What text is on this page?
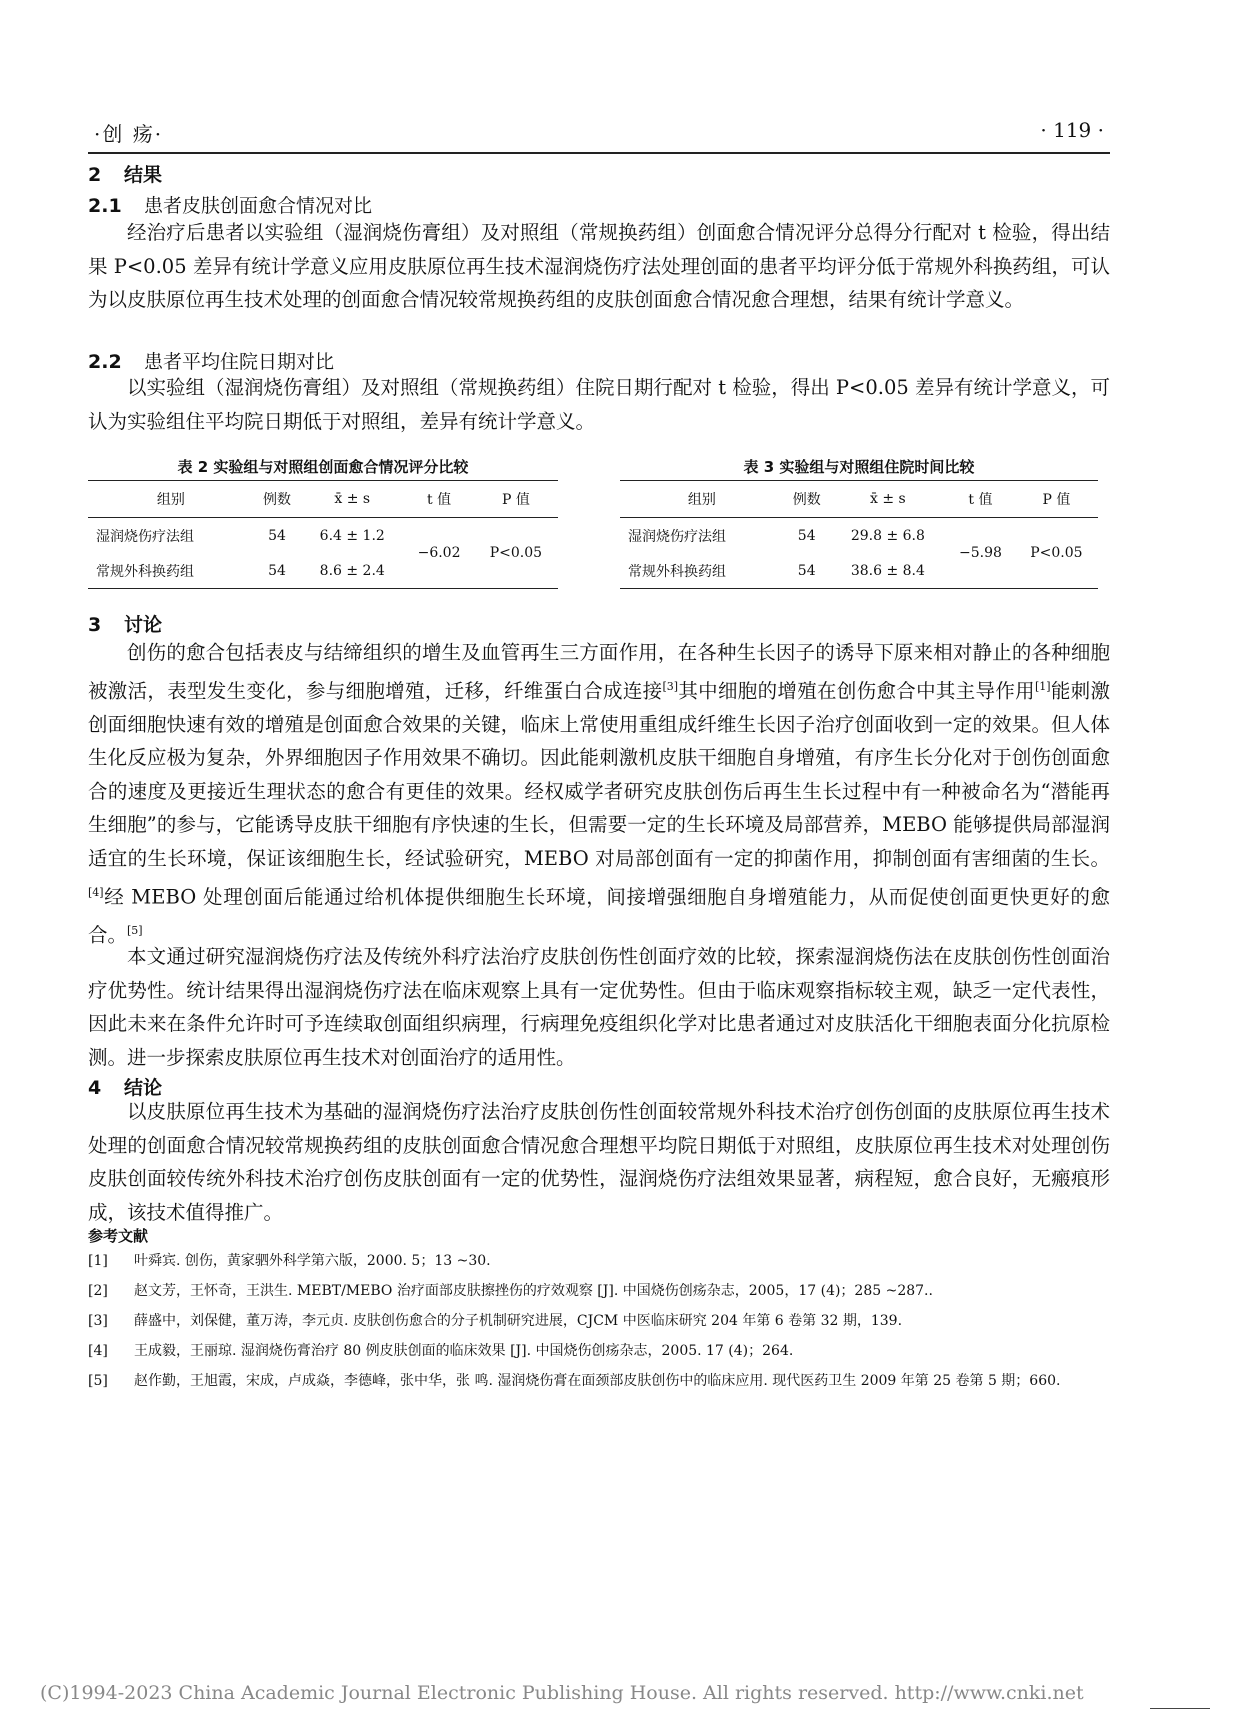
·创 疡·	· 119 ·
2 结果
2.1 患者皮肤创面愈合情况对比

经治疗后患者以实验组（湿润烧伤膏组）及对照组（常规换药组）创面愈合情况评分总得分行配对 t 检验，得出结果 P<0.05 差异有统计学意义应用皮肤原位再生技术湿润烧伤疗法处理创面的患者平均评分低于常规外科换药组，可认为以皮肤原位再生技术处理的创面愈合情况较常规换药组的皮肤创面愈合情况愈合理想，结果有统计学意义。

2.2 患者平均住院日期对比

以实验组（湿润烧伤膏组）及对照组（常规换药组）住院日期行配对 t 检验，得出 P<0.05 差异有统计学意义，可认为实验组住平均院日期低于对照组，差异有统计学意义。

表 2 实验组与对照组创面愈合情况评分比较
组别	例数	x̄ ± s	t 值	P 值
湿润烧伤疗法组	54	6.4 ± 1.2	−6.02	P<0.05
常规外科换药组	54	8.6 ± 2.4		
表 3 实验组与对照组住院时间比较
组别	例数	x̄ ± s	t 值	P 值
湿润烧伤疗法组	54	29.8 ± 6.8	−5.98	P<0.05
常规外科换药组	54	38.6 ± 8.4		
3 讨论

创伤的愈合包括表皮与结缔组织的增生及血管再生三方面作用，在各种生长因子的诱导下原来相对静止的各种细胞被激活，表型发生变化，参与细胞增殖，迁移，纤维蛋白合成连接[3]其中细胞的增殖在创伤愈合中其主导作用[1]能刺激创面细胞快速有效的增殖是创面愈合效果的关键，临床上常使用重组成纤维生长因子治疗创面收到一定的效果。但人体生化反应极为复杂，外界细胞因子作用效果不确切。因此能刺激机皮肤干细胞自身增殖，有序生长分化对于创伤创面愈合的速度及更接近生理状态的愈合有更佳的效果。经权威学者研究皮肤创伤后再生生长过程中有一种被命名为“潜能再生细胞”的参与，它能诱导皮肤干细胞有序快速的生长，但需要一定的生长环境及局部营养，MEBO 能够提供局部湿润适宜的生长环境，保证该细胞生长，经试验研究，MEBO 对局部创面有一定的抑菌作用，抑制创面有害细菌的生长。[4]经 MEBO 处理创面后能通过给机体提供细胞生长环境，间接增强细胞自身增殖能力，从而促使创面更快更好的愈合。[5]

本文通过研究湿润烧伤疗法及传统外科疗法治疗皮肤创伤性创面疗效的比较，探索湿润烧伤法在皮肤创伤性创面治疗优势性。统计结果得出湿润烧伤疗法在临床观察上具有一定优势性。但由于临床观察指标较主观，缺乏一定代表性，因此未来在条件允许时可予连续取创面组织病理，行病理免疫组织化学对比患者通过对皮肤活化干细胞表面分化抗原检测。进一步探索皮肤原位再生技术对创面治疗的适用性。

4 结论

以皮肤原位再生技术为基础的湿润烧伤疗法治疗皮肤创伤性创面较常规外科技术治疗创伤创面的皮肤原位再生技术处理的创面愈合情况较常规换药组的皮肤创面愈合情况愈合理想平均院日期低于对照组，皮肤原位再生技术对处理创伤皮肤创面较传统外科技术治疗创伤皮肤创面有一定的优势性，湿润烧伤疗法组效果显著，病程短，愈合良好，无瘢痕形成，该技术值得推广。

参考文献
[1] 叶舜宾. 创伤，黄家驷外科学第六版，2000. 5；13 ~30.
[2] 赵文芳，王怀奇，王洪生. MEBT/MEBO 治疗面部皮肤擦挫伤的疗效观察 [J]. 中国烧伤创疡杂志，2005，17 (4)；285 ~287..
[3] 薛盛中，刘保健，董万涛，李元贞. 皮肤创伤愈合的分子机制研究进展，CJCM 中医临床研究 204 年第 6 卷第 32 期，139.
[4] 王成毅，王丽琼. 湿润烧伤膏治疗 80 例皮肤创面的临床效果 [J]. 中国烧伤创疡杂志，2005. 17 (4)；264.
[5] 赵作勤，王旭霞，宋成，卢成焱，李德峰，张中华，张 鸣. 湿润烧伤膏在面颈部皮肤创伤中的临床应用. 现代医药卫生 2009 年第 25 卷第 5 期；660.
(C)1994-2023 China Academic Journal Electronic Publishing House. All rights reserved. http://www.cnki.net
